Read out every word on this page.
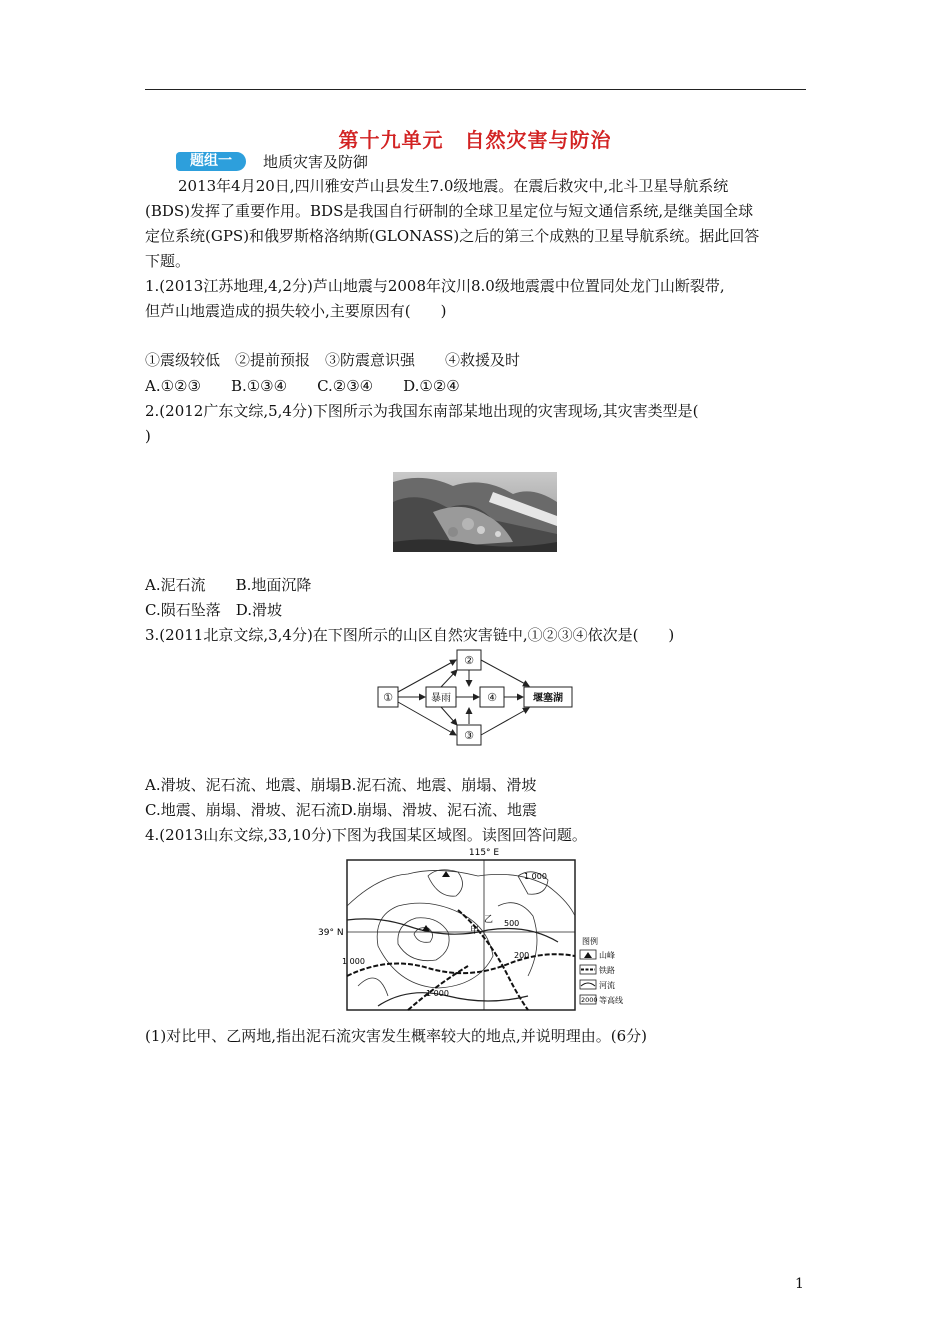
第十九单元　自然灾害与防治
题组一	地质灾害及防御
2013年4月20日,四川雅安芦山县发生7.0级地震。在震后救灾中,北斗卫星导航系统
(BDS)发挥了重要作用。BDS是我国自行研制的全球卫星定位与短文通信系统,是继美国全球
定位系统(GPS)和俄罗斯格洛纳斯(GLONASS)之后的第三个成熟的卫星导航系统。据此回答
下题。
1.(2013江苏地理,4,2分)芦山地震与2008年汶川8.0级地震震中位置同处龙门山断裂带,
但芦山地震造成的损失较小,主要原因有(　　)
①震级较低　②提前预报　③防震意识强　　④救援及时
A.①②③　　B.①③④　　C.②③④　　D.①②④
2.(2012广东文综,5,4分)下图所示为我国东南部某地出现的灾害现场,其灾害类型是(
)
A.泥石流　　B.地面沉降
C.陨石坠落　D.滑坡
3.(2011北京文综,3,4分)在下图所示的山区自然灾害链中,①②③④依次是(　　)
①	暴雨	④	堰塞湖
②
③
A.滑坡、泥石流、地震、崩塌B.泥石流、地震、崩塌、滑坡
C.地震、崩塌、滑坡、泥石流D.崩塌、滑坡、泥石流、地震
4.(2013山东文综,33,10分)下图为我国某区域图。读图回答问题。
115° E
39° N
1 000
1 000
1 000
500
200
甲
乙
图例
山峰
铁路
河流
2000 等高线
(1)对比甲、乙两地,指出泥石流灾害发生概率较大的地点,并说明理由。(6分)
1
